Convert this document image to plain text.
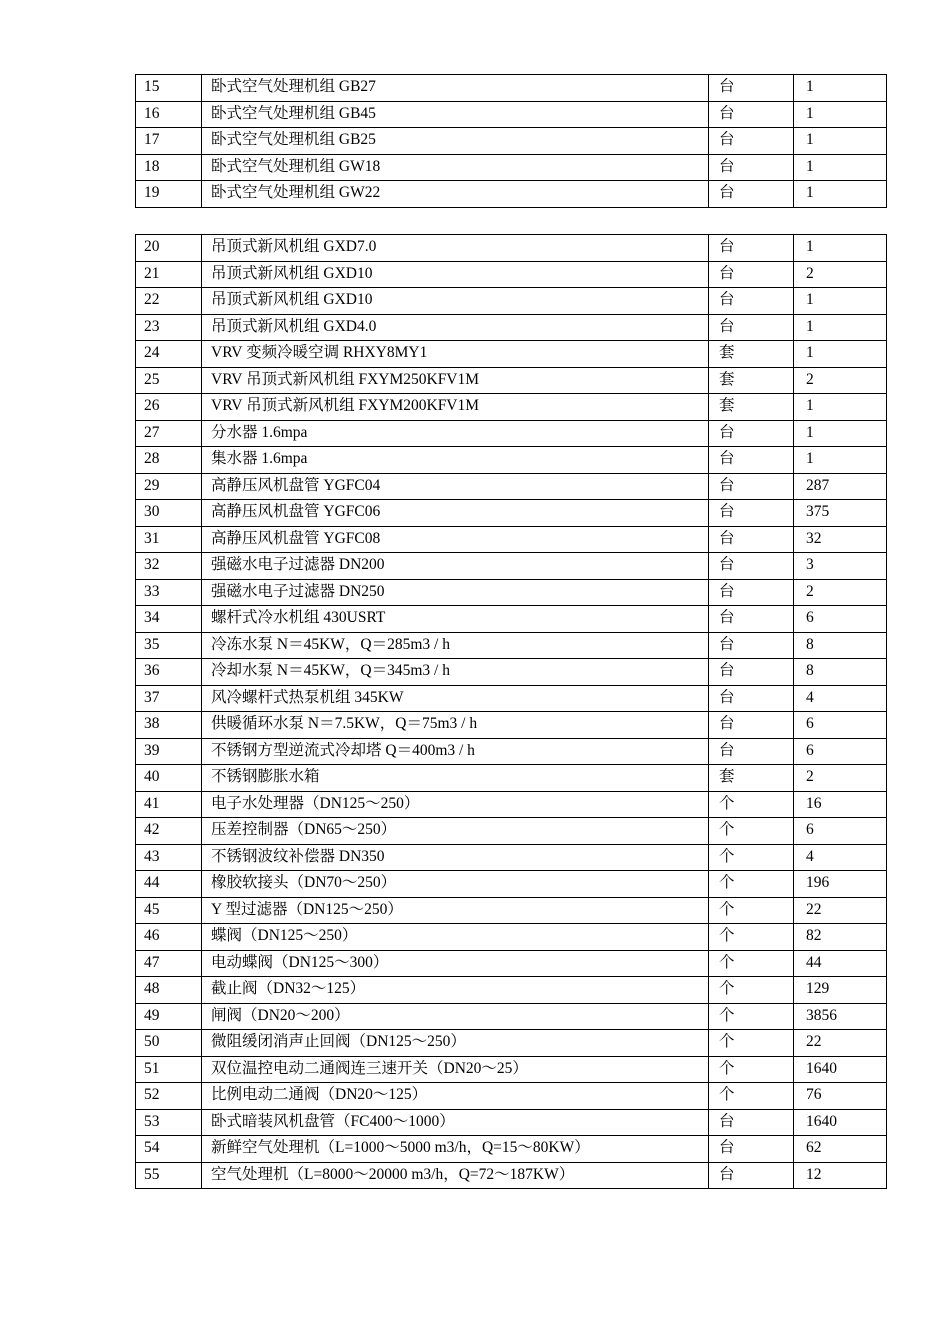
15	卧式空气处理机组 GB27	台	1
16	卧式空气处理机组 GB45	台	1
17	卧式空气处理机组 GB25	台	1
18	卧式空气处理机组 GW18	台	1
19	卧式空气处理机组 GW22	台	1
20	吊顶式新风机组 GXD7.0	台	1
21	吊顶式新风机组 GXD10	台	2
22	吊顶式新风机组 GXD10	台	1
23	吊顶式新风机组 GXD4.0	台	1
24	VRV 变频冷暖空调 RHXY8MY1	套	1
25	VRV 吊顶式新风机组 FXYM250KFV1M	套	2
26	VRV 吊顶式新风机组 FXYM200KFV1M	套	1
27	分水器 1.6mpa	台	1
28	集水器 1.6mpa	台	1
29	高静压风机盘管 YGFC04	台	287
30	高静压风机盘管 YGFC06	台	375
31	高静压风机盘管 YGFC08	台	32
32	强磁水电子过滤器 DN200	台	3
33	强磁水电子过滤器 DN250	台	2
34	螺杆式冷水机组 430USRT	台	6
35	冷冻水泵 N＝45KW，Q＝285m3 / h	台	8
36	冷却水泵 N＝45KW，Q＝345m3 / h	台	8
37	风冷螺杆式热泵机组 345KW	台	4
38	供暖循环水泵 N＝7.5KW，Q＝75m3 / h	台	6
39	不锈钢方型逆流式冷却塔 Q＝400m3 / h	台	6
40	不锈钢膨胀水箱	套	2
41	电子水处理器（DN125～250）	个	16
42	压差控制器（DN65～250）	个	6
43	不锈钢波纹补偿器 DN350	个	4
44	橡胶软接头（DN70～250）	个	196
45	Y 型过滤器（DN125～250）	个	22
46	蝶阀（DN125～250）	个	82
47	电动蝶阀（DN125～300）	个	44
48	截止阀（DN32～125）	个	129
49	闸阀（DN20～200）	个	3856
50	微阻缓闭消声止回阀（DN125～250）	个	22
51	双位温控电动二通阀连三速开关（DN20～25）	个	1640
52	比例电动二通阀（DN20～125）	个	76
53	卧式暗装风机盘管（FC400～1000）	台	1640
54	新鲜空气处理机（L=1000～5000 m3/h，Q=15～80KW）	台	62
55	空气处理机（L=8000～20000 m3/h，Q=72～187KW）	台	12
